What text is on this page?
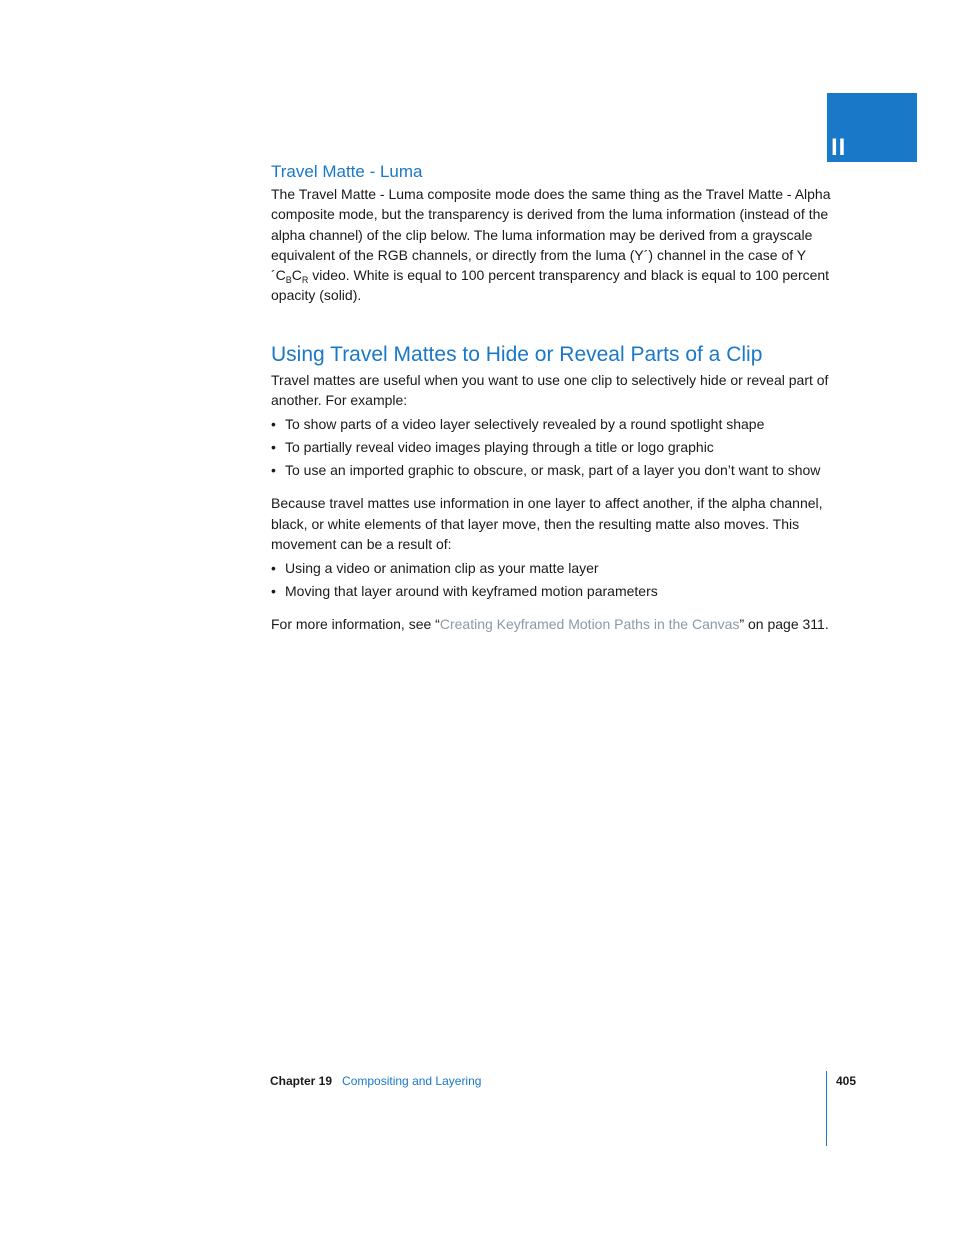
II
Travel Matte - Luma

The Travel Matte - Luma composite mode does the same thing as the Travel Matte - Alpha composite mode, but the transparency is derived from the luma information (instead of the alpha channel) of the clip below. The luma information may be derived from a grayscale equivalent of the RGB channels, or directly from the luma (Y´) channel in the case of $Y´C_BC_R$ video. White is equal to 100 percent transparency and black is equal to 100 percent opacity (solid).

Using Travel Mattes to Hide or Reveal Parts of a Clip

Travel mattes are useful when you want to use one clip to selectively hide or reveal part of another. For example:

• To show parts of a video layer selectively revealed by a round spotlight shape
• To partially reveal video images playing through a title or logo graphic
• To use an imported graphic to obscure, or mask, part of a layer you don’t want to show

Because travel mattes use information in one layer to affect another, if the alpha channel, black, or white elements of that layer move, then the resulting matte also moves. This movement can be a result of:

• Using a video or animation clip as your matte layer
• Moving that layer around with keyframed motion parameters

For more information, see “Creating Keyframed Motion Paths in the Canvas” on page 311.

Chapter 19 Compositing and Layering	405
